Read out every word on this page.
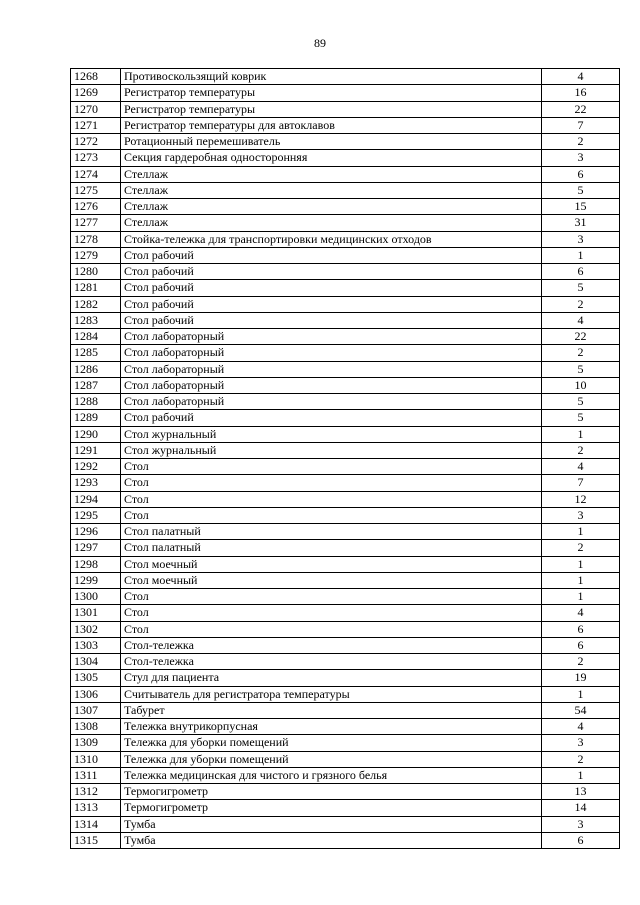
89
1268	Противоскользящий коврик	4
1269	Регистратор температуры	16
1270	Регистратор температуры	22
1271	Регистратор температуры для автоклавов	7
1272	Ротационный перемешиватель	2
1273	Секция гардеробная односторонняя	3
1274	Стеллаж	6
1275	Стеллаж	5
1276	Стеллаж	15
1277	Стеллаж	31
1278	Стойка-тележка для транспортировки медицинских отходов	3
1279	Стол рабочий	1
1280	Стол рабочий	6
1281	Стол рабочий	5
1282	Стол рабочий	2
1283	Стол рабочий	4
1284	Стол лабораторный	22
1285	Стол лабораторный	2
1286	Стол лабораторный	5
1287	Стол лабораторный	10
1288	Стол лабораторный	5
1289	Стол рабочий	5
1290	Стол журнальный	1
1291	Стол журнальный	2
1292	Стол	4
1293	Стол	7
1294	Стол	12
1295	Стол	3
1296	Стол палатный	1
1297	Стол палатный	2
1298	Стол моечный	1
1299	Стол моечный	1
1300	Стол	1
1301	Стол	4
1302	Стол	6
1303	Стол-тележка	6
1304	Стол-тележка	2
1305	Стул для пациента	19
1306	Считыватель для регистратора температуры	1
1307	Табурет	54
1308	Тележка внутрикорпусная	4
1309	Тележка для уборки помещений	3
1310	Тележка для уборки помещений	2
1311	Тележка медицинская для чистого и грязного белья	1
1312	Термогигрометр	13
1313	Термогигрометр	14
1314	Тумба	3
1315	Тумба	6
